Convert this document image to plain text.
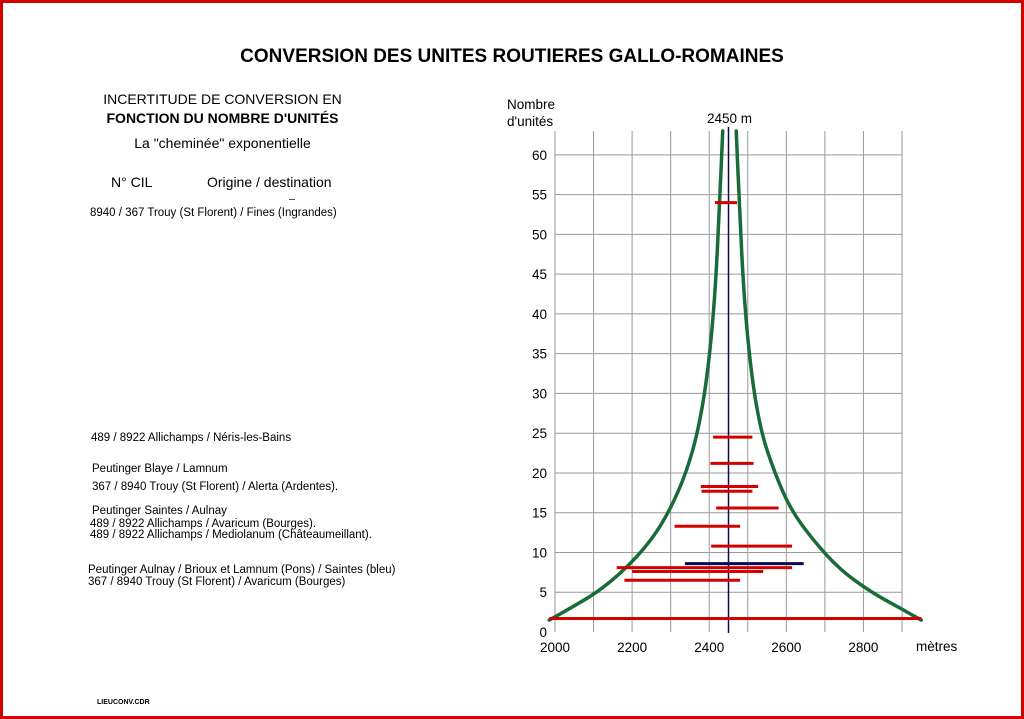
CONVERSION DES UNITES ROUTIERES GALLO-ROMAINES
INCERTITUDE DE CONVERSION EN
FONCTION DU NOMBRE D'UNITÉS
La "cheminée" exponentielle
N° CIL	Origine / destination
8940 / 367 Trouy (St Florent) / Fines (Ingrandes)
489 / 8922 Allichamps / Néris-les-Bains
Peutinger Blaye / Lamnum
367 / 8940 Trouy (St Florent) / Alerta (Ardentes).
Peutinger Saintes / Aulnay
489 / 8922 Allichamps / Avaricum (Bourges).
489 / 8922 Allichamps / Mediolanum (Châteaumeillant).
Peutinger Aulnay / Brioux et Lamnum (Pons) / Saintes (bleu)
367 / 8940 Trouy (St Florent) / Avaricum (Bourges)
LIEUCONV.CDR
Nombre
d'unités	2450 m
mètres
0
5
10
15
20
25
30
35
40
45
50
55
60
2000	2200	2400	2600	2800
